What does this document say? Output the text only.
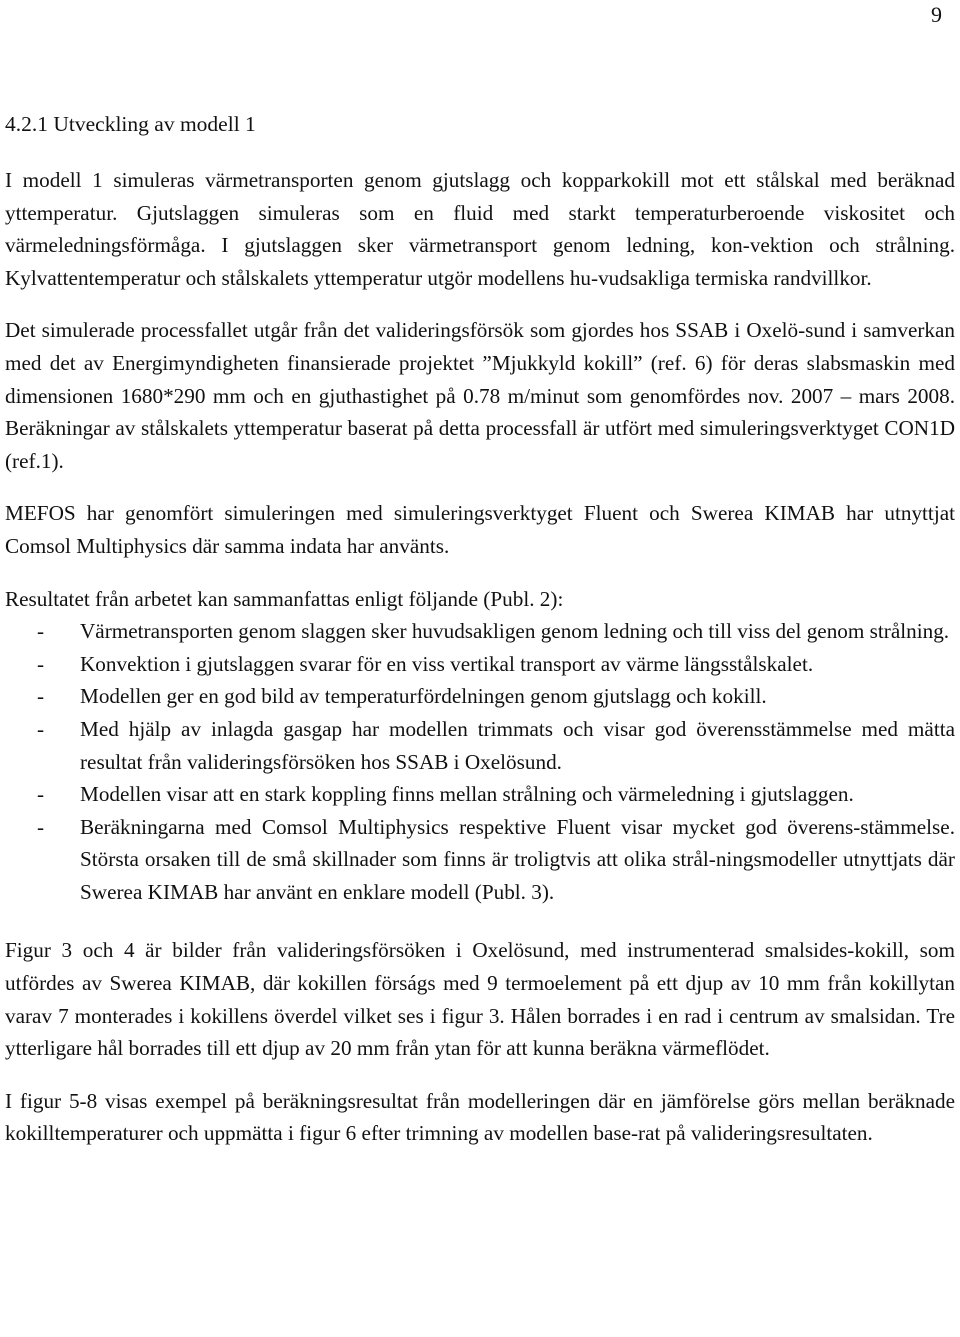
9
4.2.1 Utveckling av modell 1

I modell 1 simuleras värmetransporten genom gjutslagg och kopparkokill mot ett stålskal med beräknad yttemperatur. Gjutslaggen simuleras som en fluid med starkt temperaturberoende viskositet och värmeledningsförmåga. I gjutslaggen sker värmetransport genom ledning, kon-vektion och strålning. Kylvattentemperatur och stålskalets yttemperatur utgör modellens hu-vudsakliga termiska randvillkor.

Det simulerade processfallet utgår från det valideringsförsök som gjordes hos SSAB i Oxelö-sund i samverkan med det av Energimyndigheten finansierade projektet ”Mjukkyld kokill” (ref. 6) för deras slabsmaskin med dimensionen 1680*290 mm och en gjuthastighet på 0.78 m/minut som genomfördes nov. 2007 – mars 2008. Beräkningar av stålskalets yttemperatur baserat på detta processfall är utfört med simuleringsverktyget CON1D (ref.1).

MEFOS har genomfört simuleringen med simuleringsverktyget Fluent och Swerea KIMAB har utnyttjat Comsol Multiphysics där samma indata har använts.

Resultatet från arbetet kan sammanfattas enligt följande (Publ. 2):

- Värmetransporten genom slaggen sker huvudsakligen genom ledning och till viss del genom strålning.
- Konvektion i gjutslaggen svarar för en viss vertikal transport av värme längsstålskalet.
- Modellen ger en god bild av temperaturfördelningen genom gjutslagg och kokill.
- Med hjälp av inlagda gasgap har modellen trimmats och visar god överensstämmelse med mätta resultat från valideringsförsöken hos SSAB i Oxelösund.
- Modellen visar att en stark koppling finns mellan strålning och värmeledning i gjutslaggen.
- Beräkningarna med Comsol Multiphysics respektive Fluent visar mycket god överens-stämmelse. Största orsaken till de små skillnader som finns är troligtvis att olika strål-ningsmodeller utnyttjats där Swerea KIMAB har använt en enklare modell (Publ. 3).

Figur 3 och 4 är bilder från valideringsförsöken i Oxelösund, med instrumenterad smalsides-kokill, som utfördes av Swerea KIMAB, där kokillen förságs med 9 termoelement på ett djup av 10 mm från kokillytan varav 7 monterades i kokillens överdel vilket ses i figur 3. Hålen borrades i en rad i centrum av smalsidan. Tre ytterligare hål borrades till ett djup av 20 mm från ytan för att kunna beräkna värmeflödet.

I figur 5-8 visas exempel på beräkningsresultat från modelleringen där en jämförelse görs mellan beräknade kokilltemperaturer och uppmätta i figur 6 efter trimning av modellen base-rat på valideringsresultaten.
